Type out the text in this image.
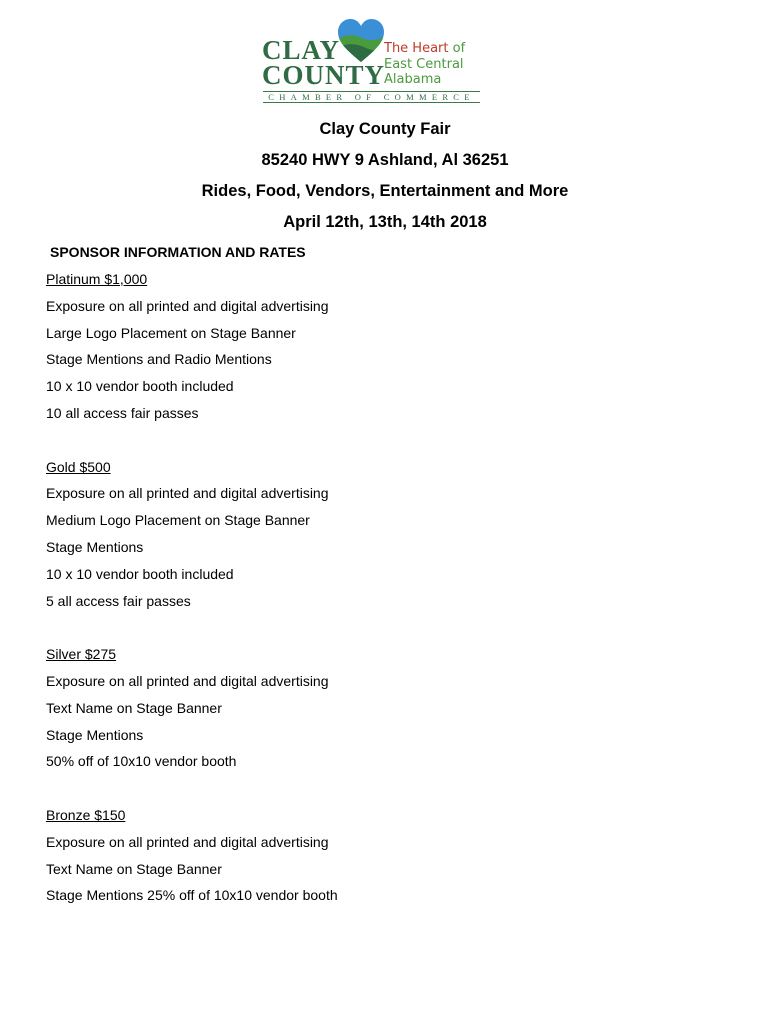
CLAY
COUNTY
The Heart of
East Central
Alabama
CHAMBER OF COMMERCE
Clay County Fair
85240 HWY 9 Ashland, Al 36251
Rides, Food, Vendors, Entertainment and More
April 12th, 13th, 14th 2018
SPONSOR INFORMATION AND RATES
Platinum $1,000
Exposure on all printed and digital advertising
Large Logo Placement on Stage Banner
Stage Mentions and Radio Mentions
10 x 10 vendor booth included
10 all access fair passes
Gold $500
Exposure on all printed and digital advertising
Medium Logo Placement on Stage Banner
Stage Mentions
10 x 10 vendor booth included
5 all access fair passes
Silver $275
Exposure on all printed and digital advertising
Text Name on Stage Banner
Stage Mentions
50% off of 10x10 vendor booth
Bronze $150
Exposure on all printed and digital advertising
Text Name on Stage Banner
Stage Mentions 25% off of 10x10 vendor booth
